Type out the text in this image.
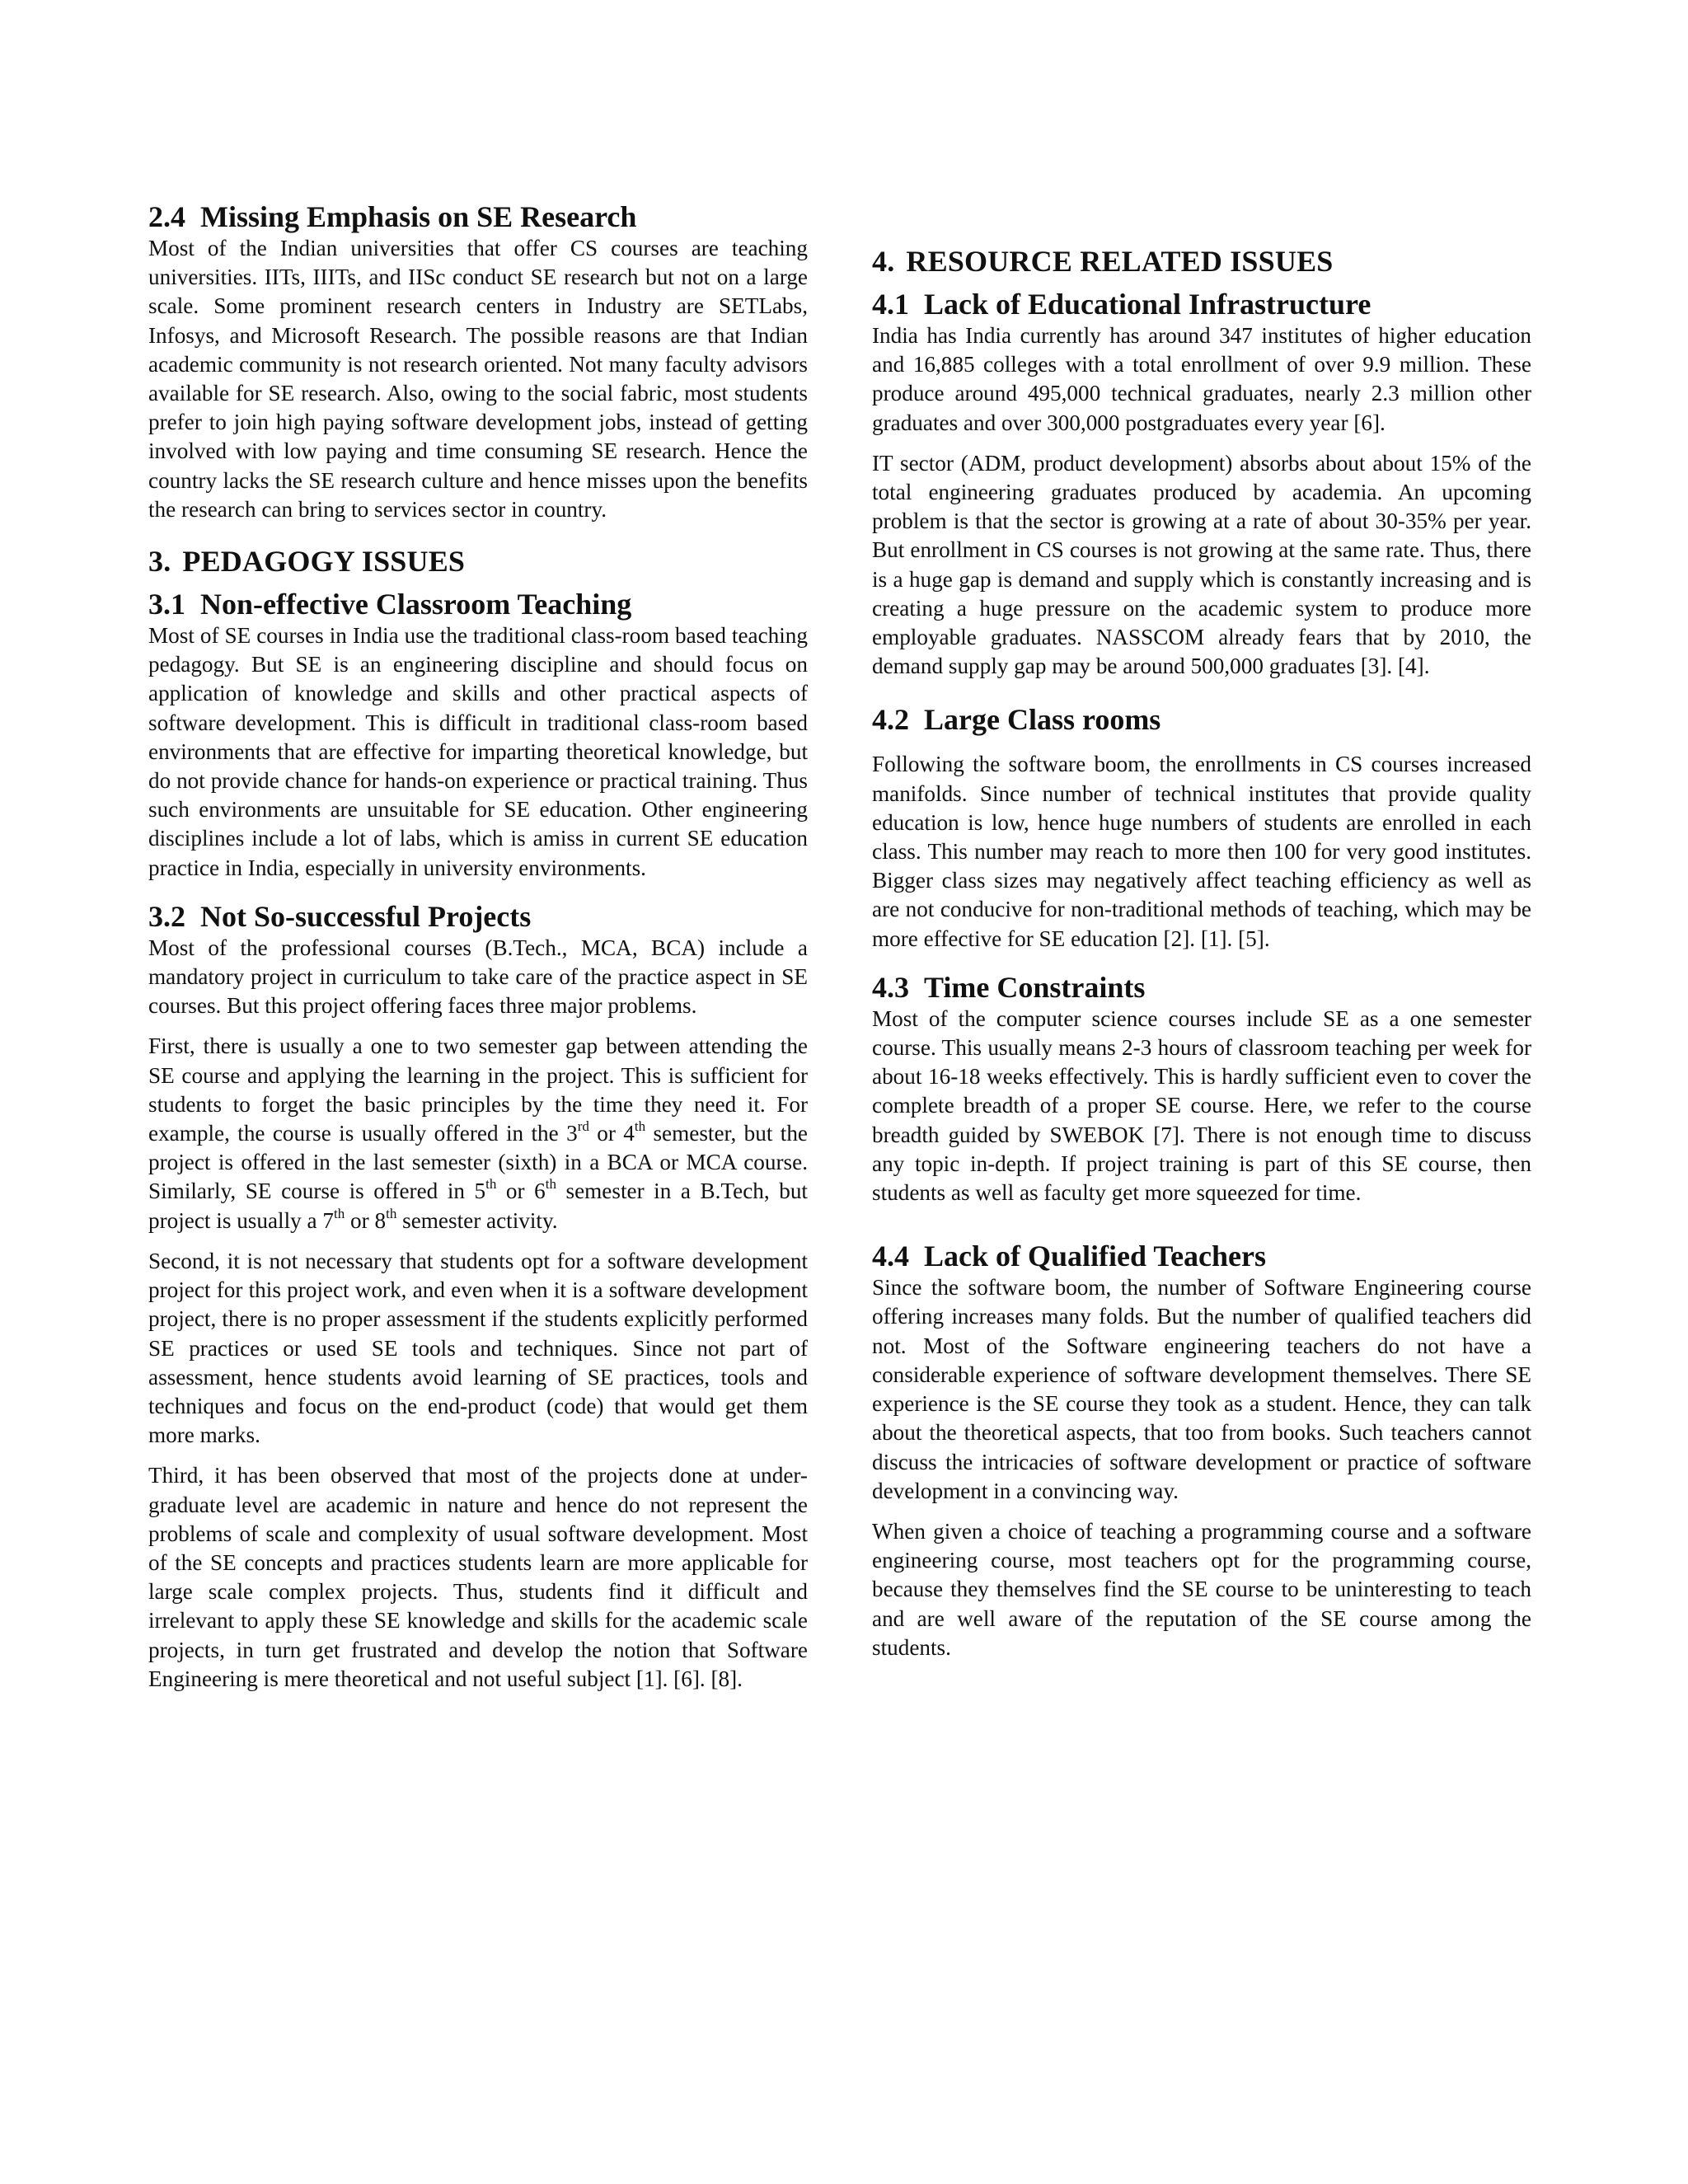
2.4 Missing Emphasis on SE Research

Most of the Indian universities that offer CS courses are teaching universities. IITs, IIITs, and IISc conduct SE research but not on a large scale. Some prominent research centers in Industry are SETLabs, Infosys, and Microsoft Research. The possible reasons are that Indian academic community is not research oriented. Not many faculty advisors available for SE research. Also, owing to the social fabric, most students prefer to join high paying software development jobs, instead of getting involved with low paying and time consuming SE research. Hence the country lacks the SE research culture and hence misses upon the benefits the research can bring to services sector in country.

3. PEDAGOGY ISSUES
3.1 Non-effective Classroom Teaching

Most of SE courses in India use the traditional class-room based teaching pedagogy. But SE is an engineering discipline and should focus on application of knowledge and skills and other practical aspects of software development. This is difficult in traditional class-room based environments that are effective for imparting theoretical knowledge, but do not provide chance for hands-on experience or practical training. Thus such environments are unsuitable for SE education. Other engineering disciplines include a lot of labs, which is amiss in current SE education practice in India, especially in university environments.

3.2 Not So-successful Projects

Most of the professional courses (B.Tech., MCA, BCA) include a mandatory project in curriculum to take care of the practice aspect in SE courses. But this project offering faces three major problems.

First, there is usually a one to two semester gap between attending the SE course and applying the learning in the project. This is sufficient for students to forget the basic principles by the time they need it. For example, the course is usually offered in the 3rd or 4th semester, but the project is offered in the last semester (sixth) in a BCA or MCA course. Similarly, SE course is offered in 5th or 6th semester in a B.Tech, but project is usually a 7th or 8th semester activity.

Second, it is not necessary that students opt for a software development project for this project work, and even when it is a software development project, there is no proper assessment if the students explicitly performed SE practices or used SE tools and techniques. Since not part of assessment, hence students avoid learning of SE practices, tools and techniques and focus on the end-product (code) that would get them more marks.

Third, it has been observed that most of the projects done at under-graduate level are academic in nature and hence do not represent the problems of scale and complexity of usual software development. Most of the SE concepts and practices students learn are more applicable for large scale complex projects. Thus, students find it difficult and irrelevant to apply these SE knowledge and skills for the academic scale projects, in turn get frustrated and develop the notion that Software Engineering is mere theoretical and not useful subject [1]. [6]. [8].

4. RESOURCE RELATED ISSUES
4.1 Lack of Educational Infrastructure

India has India currently has around 347 institutes of higher education and 16,885 colleges with a total enrollment of over 9.9 million. These produce around 495,000 technical graduates, nearly 2.3 million other graduates and over 300,000 postgraduates every year [6].

IT sector (ADM, product development) absorbs about about 15% of the total engineering graduates produced by academia. An upcoming problem is that the sector is growing at a rate of about 30-35% per year. But enrollment in CS courses is not growing at the same rate. Thus, there is a huge gap is demand and supply which is constantly increasing and is creating a huge pressure on the academic system to produce more employable graduates. NASSCOM already fears that by 2010, the demand supply gap may be around 500,000 graduates [3]. [4].

4.2 Large Class rooms

Following the software boom, the enrollments in CS courses increased manifolds. Since number of technical institutes that provide quality education is low, hence huge numbers of students are enrolled in each class. This number may reach to more then 100 for very good institutes. Bigger class sizes may negatively affect teaching efficiency as well as are not conducive for non-traditional methods of teaching, which may be more effective for SE education [2]. [1]. [5].

4.3 Time Constraints

Most of the computer science courses include SE as a one semester course. This usually means 2-3 hours of classroom teaching per week for about 16-18 weeks effectively. This is hardly sufficient even to cover the complete breadth of a proper SE course. Here, we refer to the course breadth guided by SWEBOK [7]. There is not enough time to discuss any topic in-depth. If project training is part of this SE course, then students as well as faculty get more squeezed for time.

4.4 Lack of Qualified Teachers

Since the software boom, the number of Software Engineering course offering increases many folds. But the number of qualified teachers did not. Most of the Software engineering teachers do not have a considerable experience of software development themselves. There SE experience is the SE course they took as a student. Hence, they can talk about the theoretical aspects, that too from books. Such teachers cannot discuss the intricacies of software development or practice of software development in a convincing way.

When given a choice of teaching a programming course and a software engineering course, most teachers opt for the programming course, because they themselves find the SE course to be uninteresting to teach and are well aware of the reputation of the SE course among the students.
